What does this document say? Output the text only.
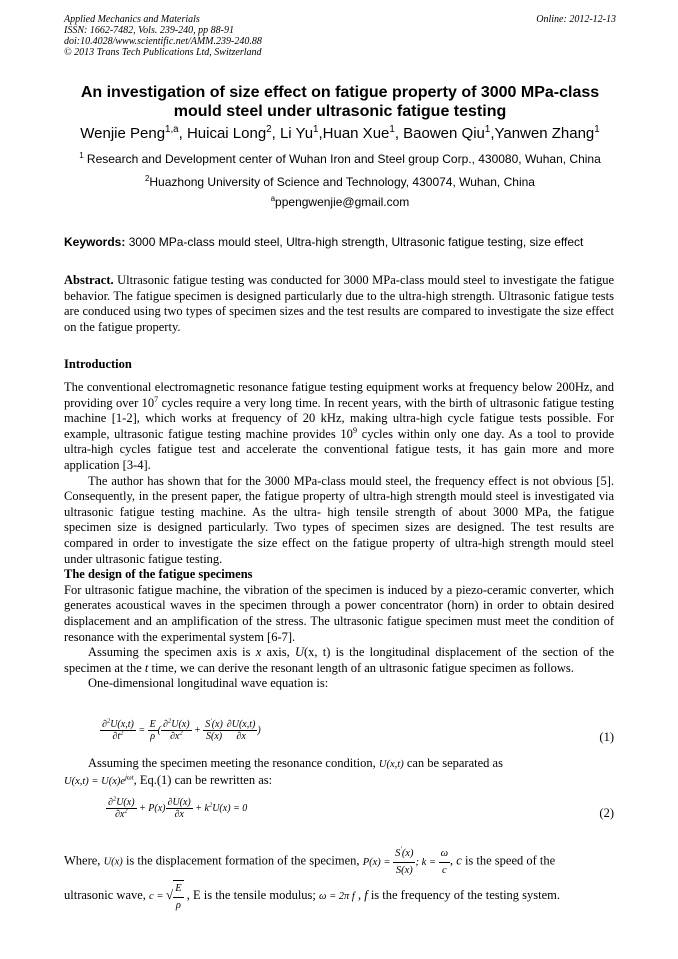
Applied Mechanics and Materials
ISSN: 1662-7482, Vols. 239-240, pp 88-91
doi:10.4028/www.scientific.net/AMM.239-240.88
© 2013 Trans Tech Publications Ltd, Switzerland
Online: 2012-12-13
An investigation of size effect on fatigue property of 3000 MPa-class
mould steel under ultrasonic fatigue testing
Wenjie Peng$^{1,a}$, Huicai Long$^2$, Li Yu$^1$,Huan Xue$^1$, Baowen Qiu$^1$,Yanwen Zhang$^1$
$^1$ Research and Development center of Wuhan Iron and Steel group Corp., 430080, Wuhan, China
$^2$Huazhong University of Science and Technology, 430074, Wuhan, China
$^a$ppengwenjie@gmail.com
Keywords: 3000 MPa-class mould steel, Ultra-high strength, Ultrasonic fatigue testing, size effect
Abstract. Ultrasonic fatigue testing was conducted for 3000 MPa-class mould steel to investigate the fatigue behavior. The fatigue specimen is designed particularly due to the ultra-high strength. Ultrasonic fatigue tests are conduced using two types of specimen sizes and the test results are compared to investigate the size effect on the fatigue property.
Introduction

The conventional electromagnetic resonance fatigue testing equipment works at frequency below 200Hz, and providing over $10^7$ cycles require a very long time. In recent years, with the birth of ultrasonic fatigue testing machine [1-2], which works at frequency of 20 kHz, making ultra-high cycle fatigue tests possible. For example, ultrasonic fatigue testing machine provides $10^9$ cycles within only one day. As a tool to provide ultra-high cycles fatigue test and accelerate the conventional fatigue tests, it has gain more and more application [3-4].

The author has shown that for the 3000 MPa-class mould steel, the frequency effect is not obvious [5]. Consequently, in the present paper, the fatigue property of ultra-high strength mould steel is investigated via ultrasonic fatigue testing machine. As the ultra- high tensile strength of about 3000 MPa, the fatigue specimen size is designed particularly. Two types of specimen sizes are designed. The test results are compared in order to investigate the size effect on the fatigue property of ultra-high strength mould steel under ultrasonic fatigue testing.

The design of the fatigue specimens

For ultrasonic fatigue machine, the vibration of the specimen is induced by a piezo-ceramic converter, which generates acoustical waves in the specimen through a power concentrator (horn) in order to obtain desired displacement and an amplification of the stress. The ultrasonic fatigue specimen must meet the condition of resonance with the experimental system [6-7].

Assuming the specimen axis is x axis, U(x, t) is the longitudinal displacement of the section of the specimen at the t time, we can derive the resonant length of an ultrasonic fatigue specimen as follows.

One-dimensional longitudinal wave equation is:

$\frac{\partial^2U(x,t)}{\partial t^2} = \frac{E}{\rho}$ ( $\frac{\partial^2U(x)}{\partial x^2} + \frac{S'(x)}{S(x)} \frac{\partial U(x,t)}{\partial x}$ )	(1)
Assuming the specimen meeting the resonance condition, U(x,t) can be separated as
$U(x,t) = U(x)e^{j\omega t}$, Eq.(1) can be rewritten as:
$\frac{\partial^2U(x)}{\partial x^2} + P(x) \frac{\partial U(x)}{\partial x} + k^2U(x) = 0$	(2)
Where, U(x) is the displacement formation of the specimen, $P(x) = \frac{S'(x)}{S(x)}$ ; $k = \frac{\omega}{c}$ , c is the speed of the
ultrasonic wave, c = √ $\frac{E}{\rho}$ , E is the tensile modulus; ω = 2π f , f is the frequency of the testing system.
